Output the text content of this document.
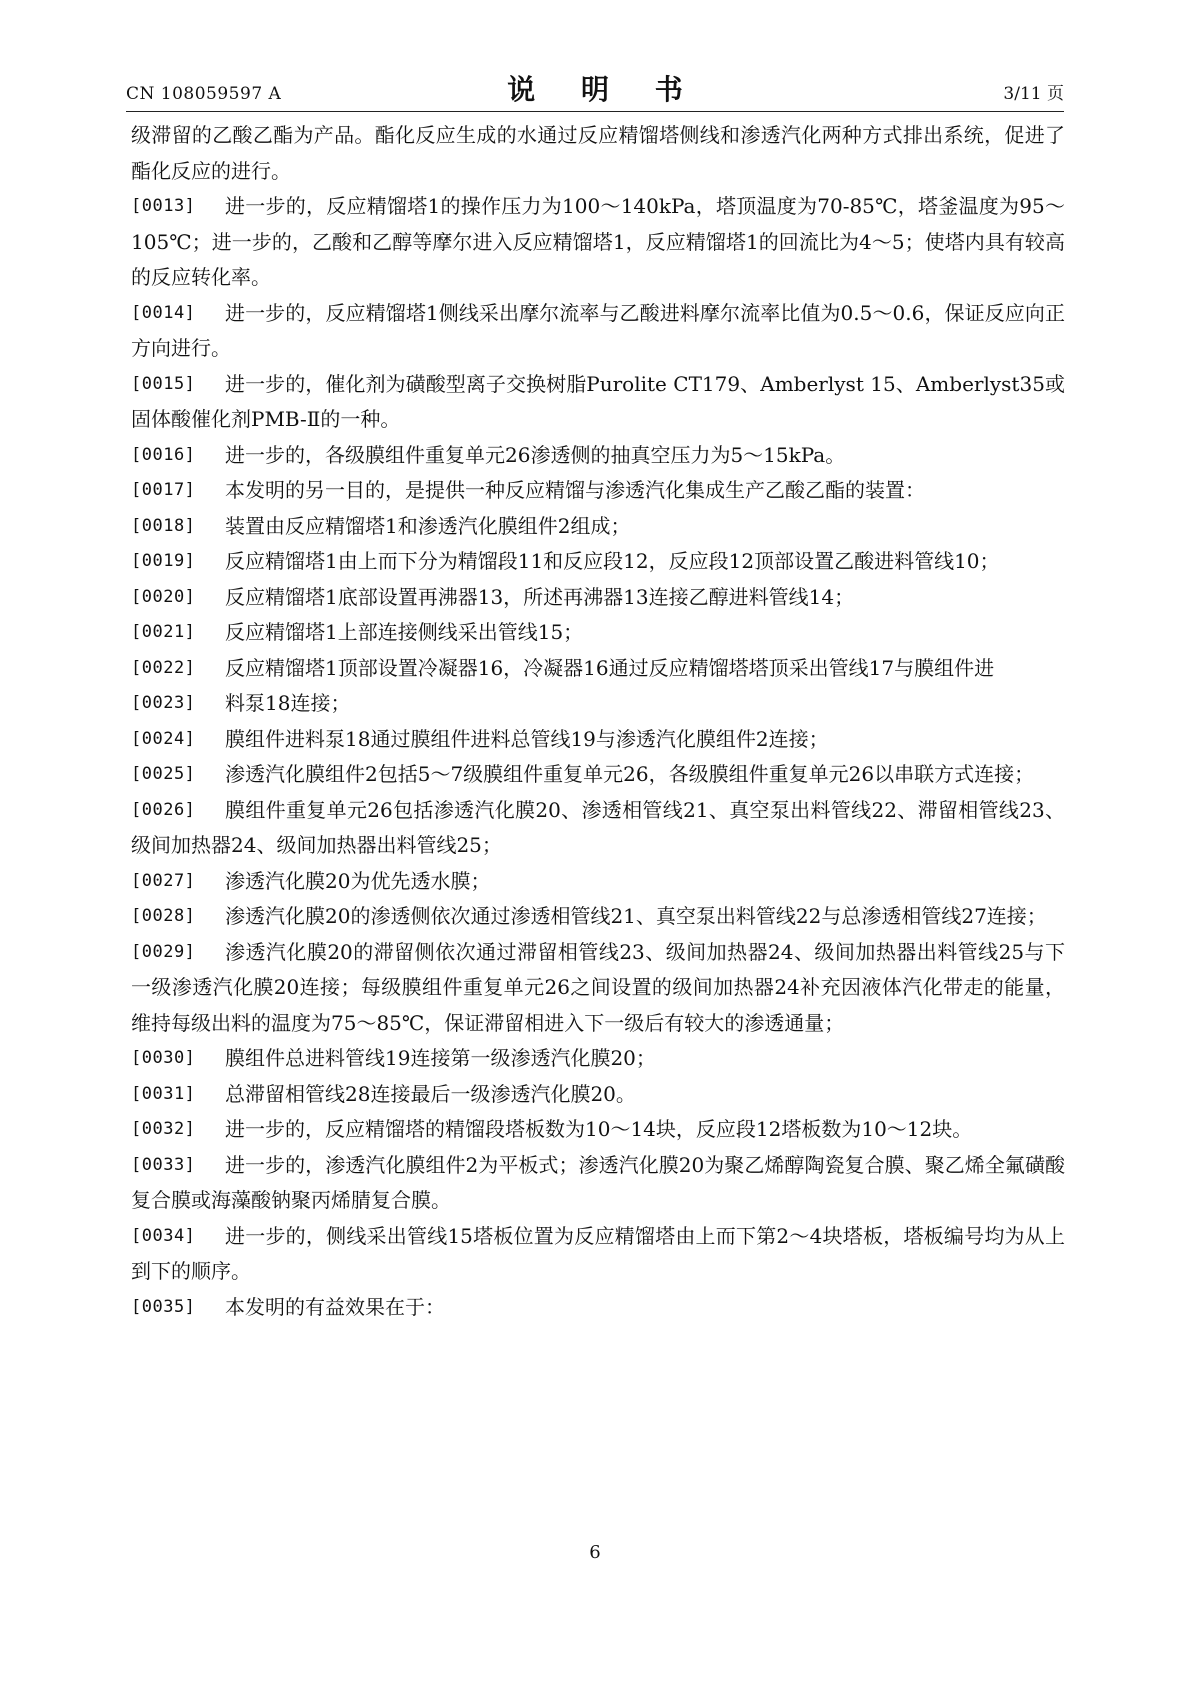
CN 108059597 A	说 明 书	3/11 页

级滞留的乙酸乙酯为产品。酯化反应生成的水通过反应精馏塔侧线和渗透汽化两种方式排出系统，促进了酯化反应的进行。

[0013] 进一步的，反应精馏塔1的操作压力为100～140kPa，塔顶温度为70-85℃，塔釜温度为95～105℃；进一步的，乙酸和乙醇等摩尔进入反应精馏塔1，反应精馏塔1的回流比为4～5；使塔内具有较高的反应转化率。

[0014] 进一步的，反应精馏塔1侧线采出摩尔流率与乙酸进料摩尔流率比值为0.5～0.6，保证反应向正方向进行。

[0015] 进一步的，催化剂为磺酸型离子交换树脂Purolite CT179、Amberlyst 15、Amberlyst35或固体酸催化剂PMB-Ⅱ的一种。

[0016] 进一步的，各级膜组件重复单元26渗透侧的抽真空压力为5～15kPa。

[0017] 本发明的另一目的，是提供一种反应精馏与渗透汽化集成生产乙酸乙酯的装置：

[0018] 装置由反应精馏塔1和渗透汽化膜组件2组成；

[0019] 反应精馏塔1由上而下分为精馏段11和反应段12，反应段12顶部设置乙酸进料管线10；

[0020] 反应精馏塔1底部设置再沸器13，所述再沸器13连接乙醇进料管线14；

[0021] 反应精馏塔1上部连接侧线采出管线15；

[0022] 反应精馏塔1顶部设置冷凝器16，冷凝器16通过反应精馏塔塔顶采出管线17与膜组件进

[0023] 料泵18连接；

[0024] 膜组件进料泵18通过膜组件进料总管线19与渗透汽化膜组件2连接；

[0025] 渗透汽化膜组件2包括5～7级膜组件重复单元26，各级膜组件重复单元26以串联方式连接；

[0026] 膜组件重复单元26包括渗透汽化膜20、渗透相管线21、真空泵出料管线22、滞留相管线23、级间加热器24、级间加热器出料管线25；

[0027] 渗透汽化膜20为优先透水膜；

[0028] 渗透汽化膜20的渗透侧依次通过渗透相管线21、真空泵出料管线22与总渗透相管线27连接；

[0029] 渗透汽化膜20的滞留侧依次通过滞留相管线23、级间加热器24、级间加热器出料管线25与下一级渗透汽化膜20连接；每级膜组件重复单元26之间设置的级间加热器24补充因液体汽化带走的能量，维持每级出料的温度为75～85℃，保证滞留相进入下一级后有较大的渗透通量；

[0030] 膜组件总进料管线19连接第一级渗透汽化膜20；

[0031] 总滞留相管线28连接最后一级渗透汽化膜20。

[0032] 进一步的，反应精馏塔的精馏段塔板数为10～14块，反应段12塔板数为10～12块。

[0033] 进一步的，渗透汽化膜组件2为平板式；渗透汽化膜20为聚乙烯醇陶瓷复合膜、聚乙烯全氟磺酸复合膜或海藻酸钠聚丙烯腈复合膜。

[0034] 进一步的，侧线采出管线15塔板位置为反应精馏塔由上而下第2～4块塔板，塔板编号均为从上到下的顺序。

[0035] 本发明的有益效果在于：

6
